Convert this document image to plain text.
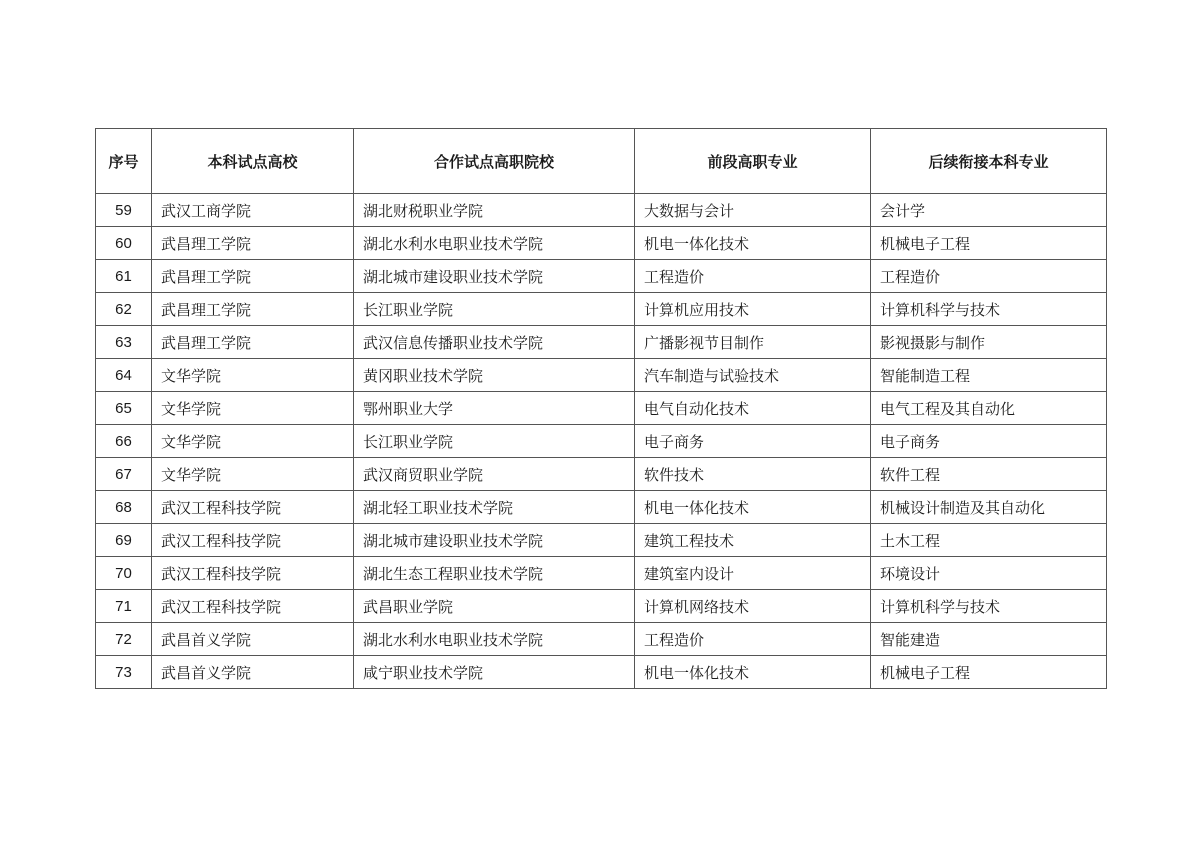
序号	本科试点高校	合作试点高职院校	前段高职专业	后续衔接本科专业
59	武汉工商学院	湖北财税职业学院	大数据与会计	会计学
60	武昌理工学院	湖北水利水电职业技术学院	机电一体化技术	机械电子工程
61	武昌理工学院	湖北城市建设职业技术学院	工程造价	工程造价
62	武昌理工学院	长江职业学院	计算机应用技术	计算机科学与技术
63	武昌理工学院	武汉信息传播职业技术学院	广播影视节目制作	影视摄影与制作
64	文华学院	黄冈职业技术学院	汽车制造与试验技术	智能制造工程
65	文华学院	鄂州职业大学	电气自动化技术	电气工程及其自动化
66	文华学院	长江职业学院	电子商务	电子商务
67	文华学院	武汉商贸职业学院	软件技术	软件工程
68	武汉工程科技学院	湖北轻工职业技术学院	机电一体化技术	机械设计制造及其自动化
69	武汉工程科技学院	湖北城市建设职业技术学院	建筑工程技术	土木工程
70	武汉工程科技学院	湖北生态工程职业技术学院	建筑室内设计	环境设计
71	武汉工程科技学院	武昌职业学院	计算机网络技术	计算机科学与技术
72	武昌首义学院	湖北水利水电职业技术学院	工程造价	智能建造
73	武昌首义学院	咸宁职业技术学院	机电一体化技术	机械电子工程
